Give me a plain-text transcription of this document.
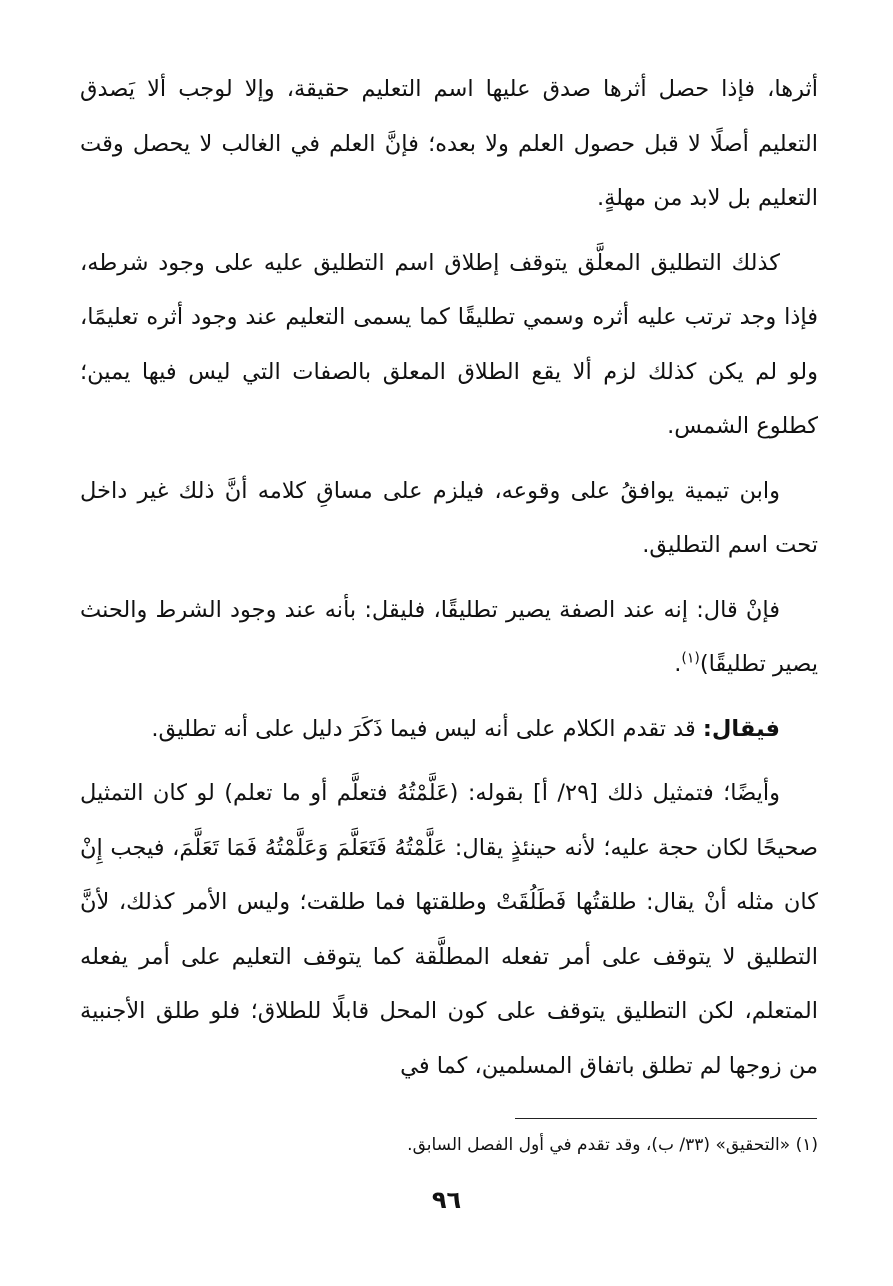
أثرها، فإذا حصل أثرها صدق عليها اسم التعليم حقيقة، وإلا لوجب ألا يَصدق التعليم أصلًا لا قبل حصول العلم ولا بعده؛ فإنَّ العلم في الغالب لا يحصل وقت التعليم بل لابد من مهلةٍ.

كذلك التطليق المعلَّق يتوقف إطلاق اسم التطليق عليه على وجود شرطه، فإذا وجد ترتب عليه أثره وسمي تطليقًا كما يسمى التعليم عند وجود أثره تعليمًا، ولو لم يكن كذلك لزم ألا يقع الطلاق المعلق بالصفات التي ليس فيها يمين؛ كطلوع الشمس.

وابن تيمية يوافقُ على وقوعه، فيلزم على مساقِ كلامه أنَّ ذلك غير داخل تحت اسم التطليق.

فإنْ قال: إنه عند الصفة يصير تطليقًا، فليقل: بأنه عند وجود الشرط والحنث يصير تطليقًا)$^{(١)}$.

فيقال: قد تقدم الكلام على أنه ليس فيما ذَكَرَ دليل على أنه تطليق.

وأيضًا؛ فتمثيل ذلك [٢٩/ أ] بقوله: (عَلَّمْتُهُ فتعلَّم أو ما تعلم) لو كان التمثيل صحيحًا لكان حجة عليه؛ لأنه حينئذٍ يقال: عَلَّمْتُهُ فَتَعَلَّمَ وَعَلَّمْتُهُ فَمَا تَعَلَّمَ، فيجب إِنْ كان مثله أنْ يقال: طلقتُها فَطَلُقَتْ وطلقتها فما طلقت؛ وليس الأمر كذلك، لأنَّ التطليق لا يتوقف على أمر تفعله المطلَّقة كما يتوقف التعليم على أمر يفعله المتعلم، لكن التطليق يتوقف على كون المحل قابلًا للطلاق؛ فلو طلق الأجنبية من زوجها لم تطلق باتفاق المسلمين، كما في

(١) «التحقيق» (٣٣/ ب)، وقد تقدم في أول الفصل السابق.
٩٦
